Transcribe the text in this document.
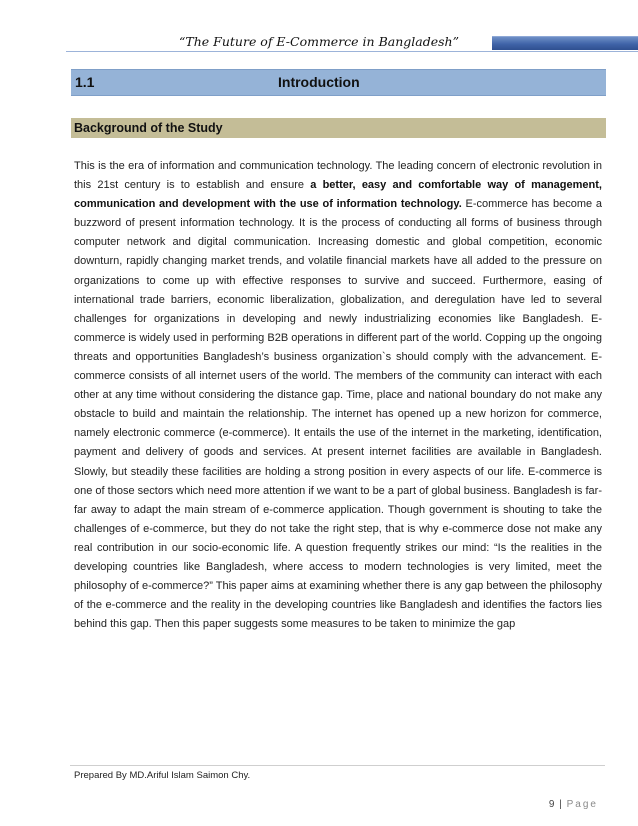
“The Future of E-Commerce in Bangladesh”
1.1	Introduction
Background of the Study
This is the era of information and communication technology. The leading concern of electronic revolution in this 21st century is to establish and ensure a better, easy and comfortable way of management, communication and development with the use of information technology. E-commerce has become a buzzword of present information technology. It is the process of conducting all forms of business through computer network and digital communication. Increasing domestic and global competition, economic downturn, rapidly changing market trends, and volatile financial markets have all added to the pressure on organizations to come up with effective responses to survive and succeed. Furthermore, easing of international trade barriers, economic liberalization, globalization, and deregulation have led to several challenges for organizations in developing and newly industrializing economies like Bangladesh. E-commerce is widely used in performing B2B operations in different part of the world. Copping up the ongoing threats and opportunities Bangladesh’s business organization`s should comply with the advancement. E-commerce consists of all internet users of the world. The members of the community can interact with each other at any time without considering the distance gap. Time, place and national boundary do not make any obstacle to build and maintain the relationship. The internet has opened up a new horizon for commerce, namely electronic commerce (e-commerce). It entails the use of the internet in the marketing, identification, payment and delivery of goods and services. At present internet facilities are available in Bangladesh. Slowly, but steadily these facilities are holding a strong position in every aspects of our life. E-commerce is one of those sectors which need more attention if we want to be a part of global business. Bangladesh is far-far away to adapt the main stream of e-commerce application. Though government is shouting to take the challenges of e-commerce, but they do not take the right step, that is why e-commerce dose not make any real contribution in our socio-economic life. A question frequently strikes our mind: “Is the realities in the developing countries like Bangladesh, where access to modern technologies is very limited, meet the philosophy of e-commerce?” This paper aims at examining whether there is any gap between the philosophy of the e-commerce and the reality in the developing countries like Bangladesh and identifies the factors lies behind this gap. Then this paper suggests some measures to be taken to minimize the gap
Prepared By MD.Ariful Islam Saimon Chy.
9 | Page
